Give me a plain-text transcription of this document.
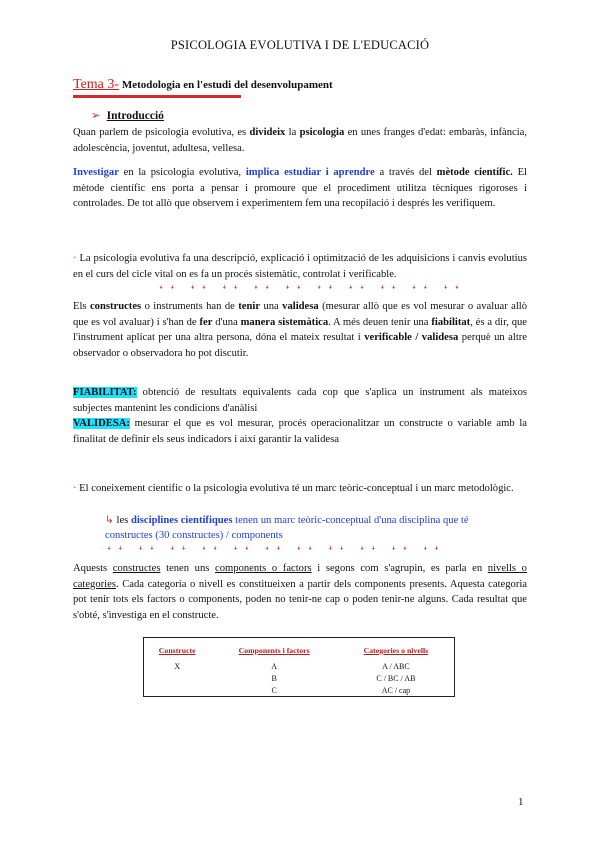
PSICOLOGIA EVOLUTIVA I DE L'EDUCACIÓ
Tema 3- Metodologia en l'estudi del desenvolupament
➢ Introducció
Quan parlem de psicologia evolutiva, es divideix la psicologia en unes franges d'edat: embaràs, infància, adolescència, joventut, adultesa, vellesa.
Investigar en la psicologia evolutiva, implica estudiar i aprendre a través del mètode científic. El mètode científic ens porta a pensar i promoure que el procediment utilitza tècniques rigoroses i controlades. De tot allò que observem i experimentem fem una recopilació i després les verifiquem.
· La psicologia evolutiva fa una descripció, explicació i optimització de les adquisicions i canvis evolutius en el curs del cicle vital on es fa un procés sistemàtic, controlat i verificable.
ꜜꜜ ꜜꜜ ꜜꜜ ꜜꜜ ꜜꜜ ꜜꜜ ꜜꜜ ꜜꜜ ꜜꜜ ꜜꜜ
Els constructes o instruments han de tenir una validesa (mesurar allò que es vol mesurar o avaluar allò que es vol avaluar) i s'han de fer d'una manera sistemàtica. A més deuen tenir una fiabilitat, és a dir, que l'instrument aplicat per una altra persona, dóna el mateix resultat i verificable / validesa perquè un altre observador o observadora ho pot discutir.
FIABILITAT: obtenció de resultats equivalents cada cop que s'aplica un instrument als mateixos subjectes mantenint les condicions d'anàlisi
VALIDESA: mesurar el que es vol mesurar, procés operacionalitzar un constructe o variable amb la finalitat de definir els seus indicadors i així garantir la validesa
· El coneixement científic o la psicologia evolutiva té un marc teòric-conceptual i un marc metodològic.
↳ les disciplines científiques tenen un marc teòric-conceptual d'una disciplina que té constructes (30 constructes) / components
ꜜꜜ ꜜꜜ ꜜꜜ ꜜꜜ ꜜꜜ ꜜꜜ ꜜꜜ ꜜꜜ ꜜꜜ ꜜꜜ ꜜꜜ
Aquests constructes tenen uns components o factors i segons com s'agrupin, es parla en nivells o categories. Cada categoria o nivell es constitueixen a partir dels components presents. Aquesta categoria pot tenir tots els factors o components, poden no tenir-ne cap o poden tenir-ne alguns. Cada resultat que s'obté, s'investiga en el constructe.
Constructe	Components i factors	Categories o nivells
X	A	A / ABC
	B	C / BC / AB
	C	AC / cap
1
